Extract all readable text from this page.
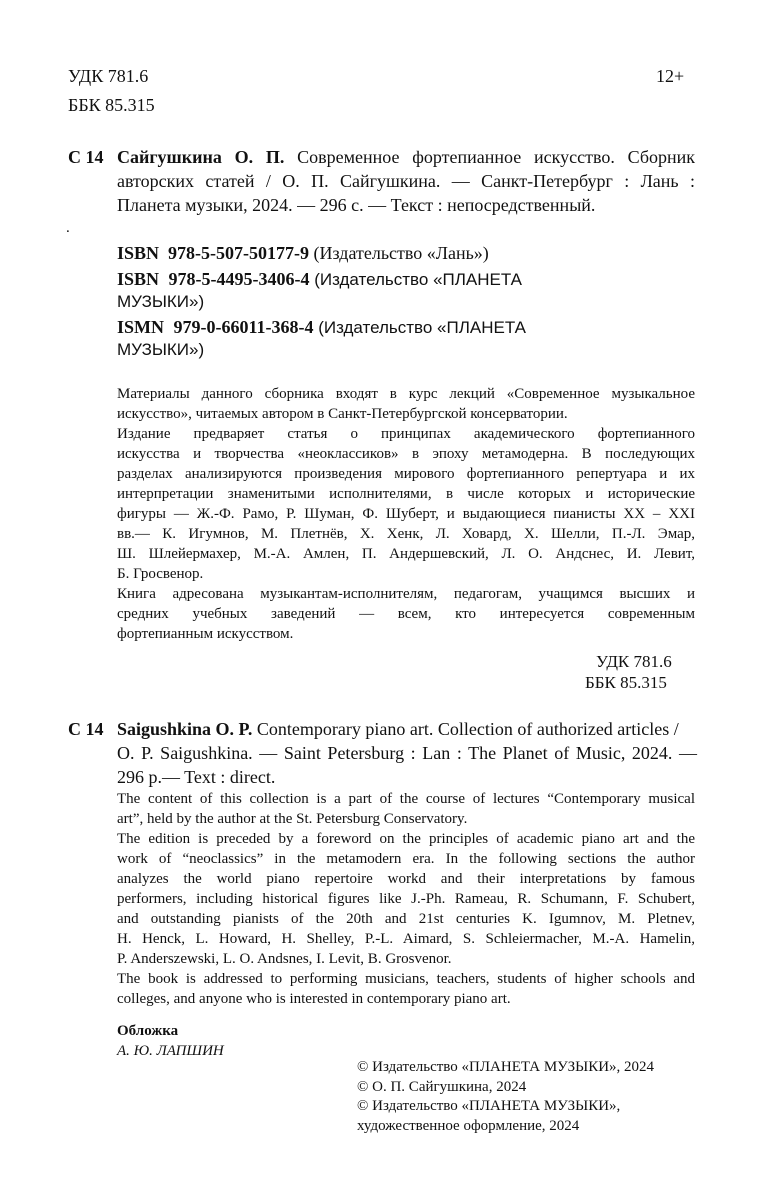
УДК 781.6
ББК 85.315
12+
С 14 Сайгушкина О. П. Современное фортепианное искусство. Сборник
авторских статей / О. П. Сайгушкина. — Санкт-Петербург : Лань :
Планета музыки, 2024. — 296 с. — Текст : непосредственный.
.
ISBN 978-5-507-50177-9 (Издательство «Лань»)
ISBN 978-5-4495-3406-4 (Издательство «ПЛАНЕТА
МУЗЫКИ»)
ISMN 979-0-66011-368-4 (Издательство «ПЛАНЕТА
МУЗЫКИ»)
Материалы данного сборника входят в курс лекций «Современное музыкальное
искусство», читаемых автором в Санкт-Петербургской консерватории.
Издание предваряет статья о принципах академического фортепианного
искусства и творчества «неоклассиков» в эпоху метамодерна. В последующих
разделах анализируются произведения мирового фортепианного репертуара и их
интерпретации знаменитыми исполнителями, в числе которых и исторические
фигуры — Ж.-Ф. Рамо, Р. Шуман, Ф. Шуберт, и выдающиеся пианисты XX – XXI
вв.— К. Игумнов, М. Плетнёв, Х. Хенк, Л. Ховард, Х. Шелли, П.-Л. Эмар,
Ш. Шлейермахер, М.-А. Амлен, П. Андершевский, Л. О. Андснес, И. Левит,
Б. Гросвенор.
Книга адресована музыкантам-исполнителям, педагогам, учащимся высших и
средних учебных заведений — всем, кто интересуется современным
фортепианным искусством.
УДК 781.6
ББК 85.315
С 14 Saigushkina O. P. Contemporary piano art. Collection of authorized articles /
O. P. Saigushkina. — Saint Petersburg : Lan : The Planet of Music, 2024. —
296 p.— Text : direct.
The content of this collection is a part of the course of lectures “Contemporary musical
art”, held by the author at the St. Petersburg Conservatory.
The edition is preceded by a foreword on the principles of academic piano art and the
work of “neoclassics” in the metamodern era. In the following sections the author
analyzes the world piano repertoire workd and their interpretations by famous
performers, including historical figures like J.-Ph. Rameau, R. Schumann, F. Schubert,
and outstanding pianists of the 20th and 21st centuries K. Igumnov, M. Pletnev,
H. Henck, L. Howard, H. Shelley, P.-L. Aimard, S. Schleiermacher, M.-A. Hamelin,
P. Anderszewski, L. O. Andsnes, I. Levit, B. Grosvenor.
The book is addressed to performing musicians, teachers, students of higher schools and
colleges, and anyone who is interested in contemporary piano art.
Обложка
А. Ю. ЛАПШИН
© Издательство «ПЛАНЕТА МУЗЫКИ», 2024
© О. П. Сайгушкина, 2024
© Издательство «ПЛАНЕТА МУЗЫКИ»,
художественное оформление, 2024
